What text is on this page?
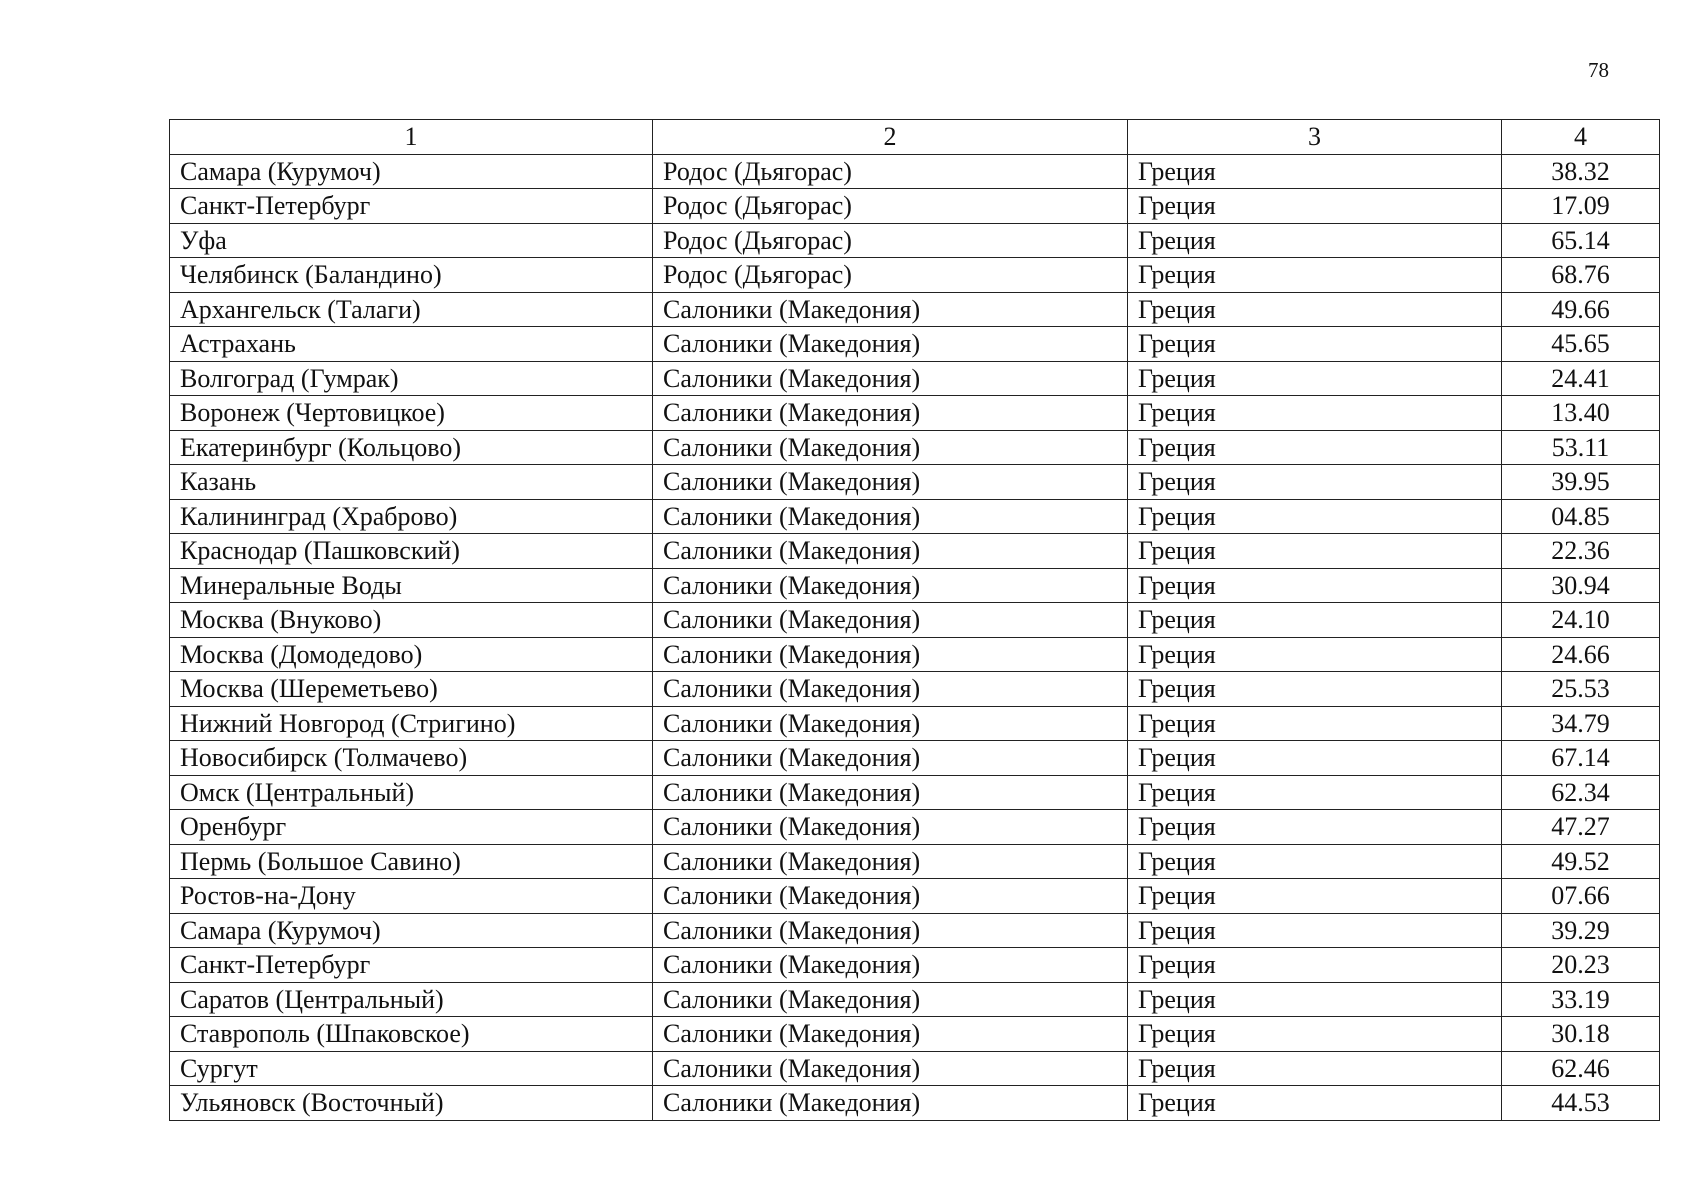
78
1	2	3	4
Самара (Курумоч)	Родос (Дьягорас)	Греция	38.32
Санкт-Петербург	Родос (Дьягорас)	Греция	17.09
Уфа	Родос (Дьягорас)	Греция	65.14
Челябинск (Баландино)	Родос (Дьягорас)	Греция	68.76
Архангельск (Талаги)	Салоники (Македония)	Греция	49.66
Астрахань	Салоники (Македония)	Греция	45.65
Волгоград (Гумрак)	Салоники (Македония)	Греция	24.41
Воронеж (Чертовицкое)	Салоники (Македония)	Греция	13.40
Екатеринбург (Кольцово)	Салоники (Македония)	Греция	53.11
Казань	Салоники (Македония)	Греция	39.95
Калининград (Храброво)	Салоники (Македония)	Греция	04.85
Краснодар (Пашковский)	Салоники (Македония)	Греция	22.36
Минеральные Воды	Салоники (Македония)	Греция	30.94
Москва (Внуково)	Салоники (Македония)	Греция	24.10
Москва (Домодедово)	Салоники (Македония)	Греция	24.66
Москва (Шереметьево)	Салоники (Македония)	Греция	25.53
Нижний Новгород (Стригино)	Салоники (Македония)	Греция	34.79
Новосибирск (Толмачево)	Салоники (Македония)	Греция	67.14
Омск (Центральный)	Салоники (Македония)	Греция	62.34
Оренбург	Салоники (Македония)	Греция	47.27
Пермь (Большое Савино)	Салоники (Македония)	Греция	49.52
Ростов-на-Дону	Салоники (Македония)	Греция	07.66
Самара (Курумоч)	Салоники (Македония)	Греция	39.29
Санкт-Петербург	Салоники (Македония)	Греция	20.23
Саратов (Центральный)	Салоники (Македония)	Греция	33.19
Ставрополь (Шпаковское)	Салоники (Македония)	Греция	30.18
Сургут	Салоники (Македония)	Греция	62.46
Ульяновск (Восточный)	Салоники (Македония)	Греция	44.53
